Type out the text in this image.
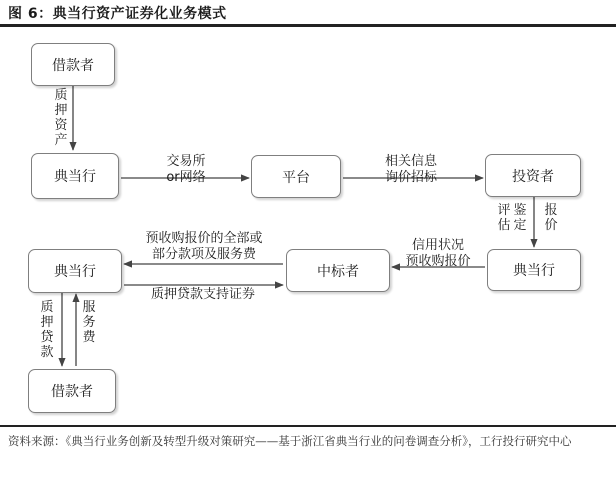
图 6：典当行资产证券化业务模式
借款者
典当行	平台	投资者
典当行
中标者
典当行
借款者
质押资产
交易所
or网络
相关信息
询价招标
评估
鉴定
报价
信用状况
预收购报价
预收购报价的全部或
部分款项及服务费
质押贷款支持证券
质押贷款
服务费
资料来源：《典当行业务创新及转型升级对策研究——基于浙江省典当行业的问卷调查分析》，工行投行研究中心
